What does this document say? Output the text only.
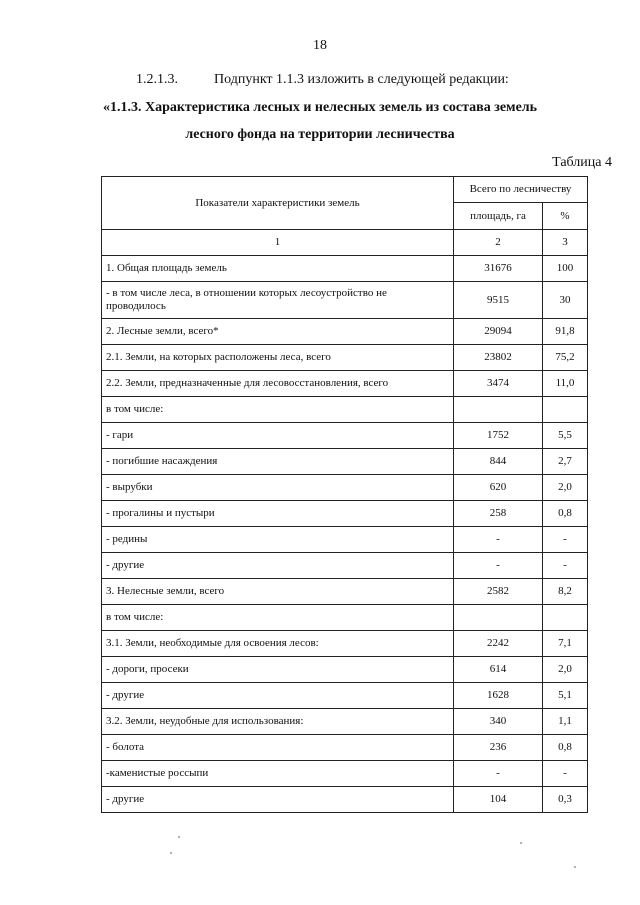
18
1.2.1.3.	Подпункт 1.1.3 изложить в следующей редакции:
«1.1.3. Характеристика лесных и нелесных земель из состава земель
лесного фонда на территории лесничества
Таблица 4
Показатели характеристики земель	Всего по лесничеству	
	площадь, га	%
1	2	3
1. Общая площадь земель	31676	100
- в том числе леса, в отношении которых лесоустройство не проводилось	9515	30
2. Лесные земли, всего*	29094	91,8
2.1. Земли, на которых расположены леса, всего	23802	75,2
2.2. Земли, предназначенные для лесовосстановления, всего	3474	11,0
в том числе:		
- гари	1752	5,5
- погибшие насаждения	844	2,7
- вырубки	620	2,0
- прогалины и пустыри	258	0,8
- редины	-	-
- другие	-	-
3. Нелесные земли, всего	2582	8,2
в том числе:		
3.1. Земли, необходимые для освоения лесов:	2242	7,1
- дороги, просеки	614	2,0
- другие	1628	5,1
3.2. Земли, неудобные для использования:	340	1,1
- болота	236	0,8
-каменистые россыпи	-	-
- другие	104	0,3
